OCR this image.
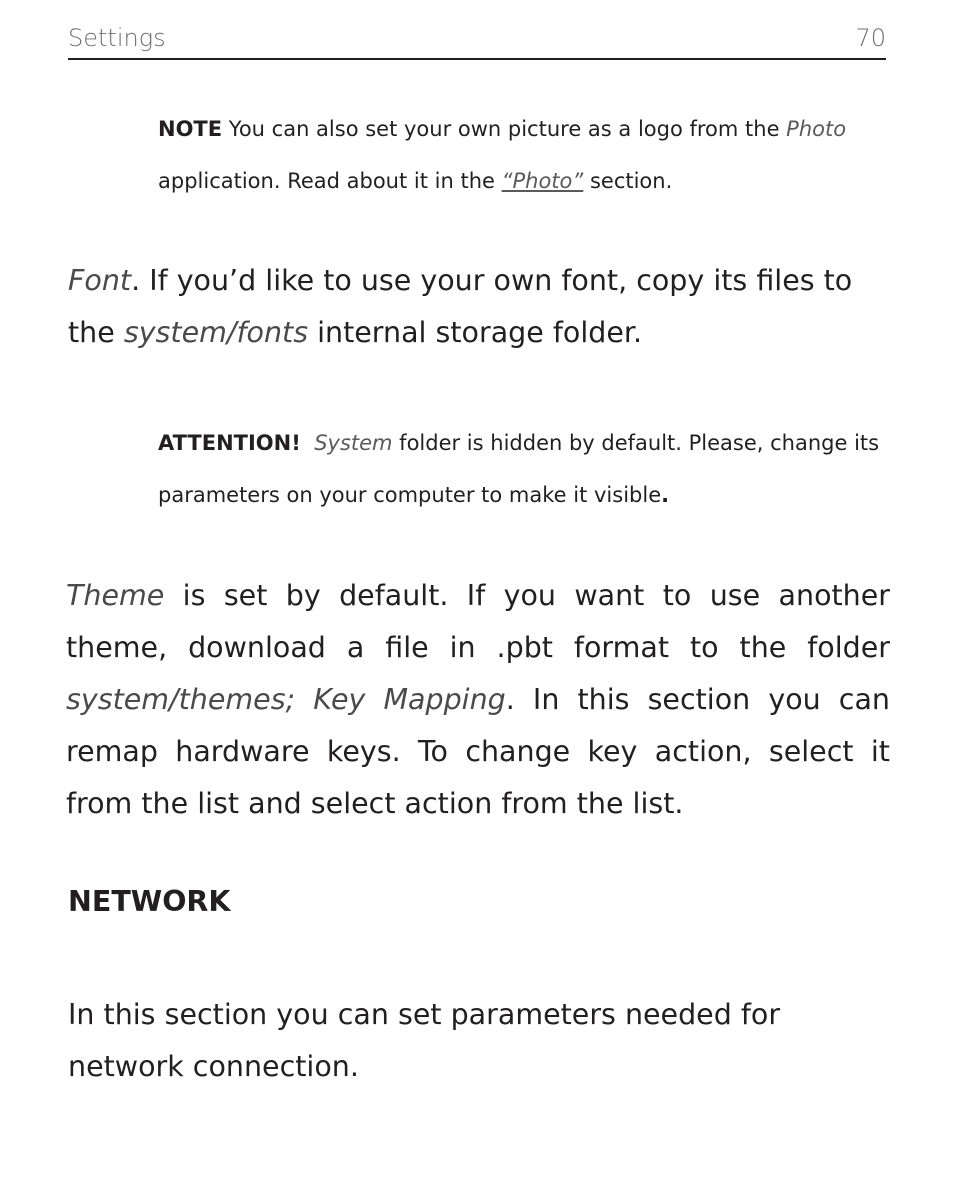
Settings	70
NOTE You can also set your own picture as a logo from the Photo
application. Read about it in the “Photo” section.
Font. If you’d like to use your own font, copy its files to the system/fonts internal storage folder.
ATTENTION! System folder is hidden by default. Please, change its parameters on your computer to make it visible.
Theme is set by default. If you want to use another theme, download a file in .pbt format to the folder system/themes; Key Mapping. In this section you can remap hardware keys. To change key action, select it from the list and select action from the list.
NETWORK
In this section you can set parameters needed for network connection.
